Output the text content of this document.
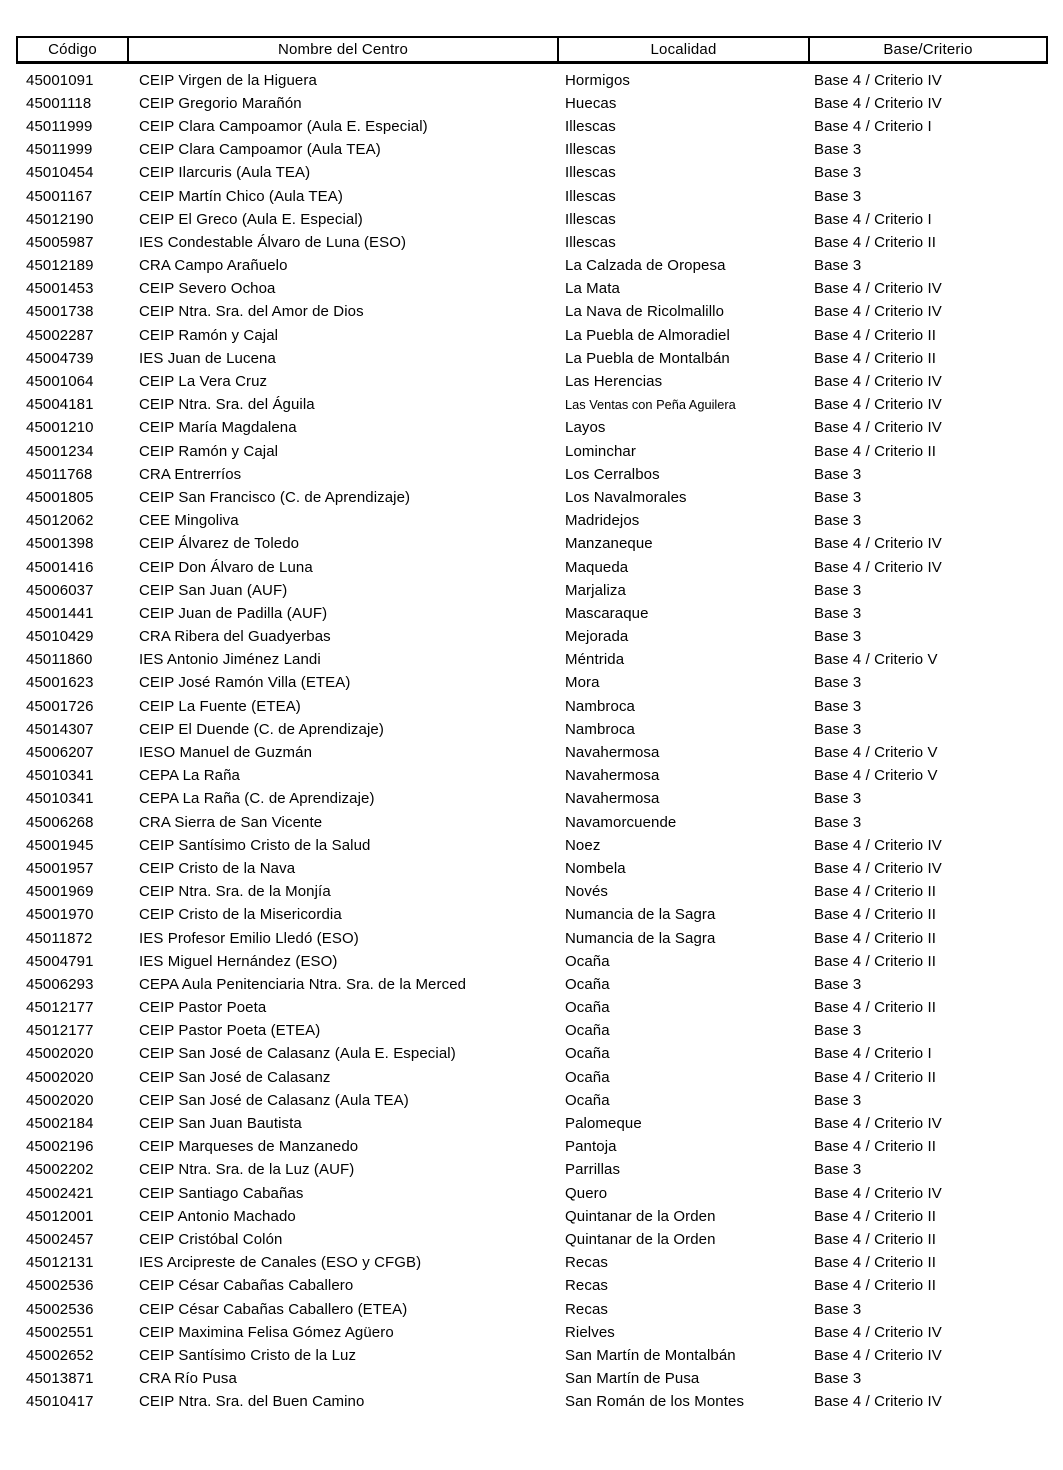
Código	Nombre del Centro	Localidad	Base/Criterio
45001091	CEIP Virgen de la Higuera	Hormigos	Base 4 / Criterio IV
45001118	CEIP Gregorio Marañón	Huecas	Base 4 / Criterio IV
45011999	CEIP Clara Campoamor (Aula E. Especial)	Illescas	Base 4 / Criterio I
45011999	CEIP Clara Campoamor (Aula TEA)	Illescas	Base 3
45010454	CEIP Ilarcuris (Aula TEA)	Illescas	Base 3
45001167	CEIP Martín Chico (Aula TEA)	Illescas	Base 3
45012190	CEIP El Greco (Aula E. Especial)	Illescas	Base 4 / Criterio I
45005987	IES Condestable Álvaro de Luna (ESO)	Illescas	Base 4 / Criterio II
45012189	CRA Campo Arañuelo	La Calzada de Oropesa	Base 3
45001453	CEIP Severo Ochoa	La Mata	Base 4 / Criterio IV
45001738	CEIP Ntra. Sra. del Amor de Dios	La Nava de Ricolmalillo	Base 4 / Criterio IV
45002287	CEIP Ramón y Cajal	La Puebla de Almoradiel	Base 4 / Criterio II
45004739	IES Juan de Lucena	La Puebla de Montalbán	Base 4 / Criterio II
45001064	CEIP La Vera Cruz	Las Herencias	Base 4 / Criterio IV
45004181	CEIP Ntra. Sra. del Águila	Las Ventas con Peña Aguilera	Base 4 / Criterio IV
45001210	CEIP María Magdalena	Layos	Base 4 / Criterio IV
45001234	CEIP Ramón y Cajal	Lominchar	Base 4 / Criterio II
45011768	CRA Entrerríos	Los Cerralbos	Base 3
45001805	CEIP San Francisco (C. de Aprendizaje)	Los Navalmorales	Base 3
45012062	CEE Mingoliva	Madridejos	Base 3
45001398	CEIP Álvarez de Toledo	Manzaneque	Base 4 / Criterio IV
45001416	CEIP Don Álvaro de Luna	Maqueda	Base 4 / Criterio IV
45006037	CEIP San Juan (AUF)	Marjaliza	Base 3
45001441	CEIP Juan de Padilla (AUF)	Mascaraque	Base 3
45010429	CRA Ribera del Guadyerbas	Mejorada	Base 3
45011860	IES Antonio Jiménez Landi	Méntrida	Base 4 / Criterio V
45001623	CEIP José Ramón Villa (ETEA)	Mora	Base 3
45001726	CEIP La Fuente (ETEA)	Nambroca	Base 3
45014307	CEIP El Duende (C. de Aprendizaje)	Nambroca	Base 3
45006207	IESO Manuel de Guzmán	Navahermosa	Base 4 / Criterio V
45010341	CEPA La Raña	Navahermosa	Base 4 / Criterio V
45010341	CEPA La Raña (C. de Aprendizaje)	Navahermosa	Base 3
45006268	CRA Sierra de San Vicente	Navamorcuende	Base 3
45001945	CEIP Santísimo Cristo de la Salud	Noez	Base 4 / Criterio IV
45001957	CEIP Cristo de la Nava	Nombela	Base 4 / Criterio IV
45001969	CEIP Ntra. Sra. de la Monjía	Novés	Base 4 / Criterio II
45001970	CEIP Cristo de la Misericordia	Numancia de la Sagra	Base 4 / Criterio II
45011872	IES Profesor Emilio Lledó (ESO)	Numancia de la Sagra	Base 4 / Criterio II
45004791	IES Miguel Hernández (ESO)	Ocaña	Base 4 / Criterio II
45006293	CEPA Aula Penitenciaria Ntra. Sra. de la Merced	Ocaña	Base 3
45012177	CEIP Pastor Poeta	Ocaña	Base 4 / Criterio II
45012177	CEIP Pastor Poeta (ETEA)	Ocaña	Base 3
45002020	CEIP San José de Calasanz (Aula E. Especial)	Ocaña	Base 4 / Criterio I
45002020	CEIP San José de Calasanz	Ocaña	Base 4 / Criterio II
45002020	CEIP San José de Calasanz (Aula TEA)	Ocaña	Base 3
45002184	CEIP San Juan Bautista	Palomeque	Base 4 / Criterio IV
45002196	CEIP Marqueses de Manzanedo	Pantoja	Base 4 / Criterio II
45002202	CEIP Ntra. Sra. de la Luz (AUF)	Parrillas	Base 3
45002421	CEIP Santiago Cabañas	Quero	Base 4 / Criterio IV
45012001	CEIP Antonio Machado	Quintanar de la Orden	Base 4 / Criterio II
45002457	CEIP Cristóbal Colón	Quintanar de la Orden	Base 4 / Criterio II
45012131	IES Arcipreste de Canales (ESO y CFGB)	Recas	Base 4 / Criterio II
45002536	CEIP César Cabañas Caballero	Recas	Base 4 / Criterio II
45002536	CEIP César Cabañas Caballero (ETEA)	Recas	Base 3
45002551	CEIP Maximina Felisa Gómez Agüero	Rielves	Base 4 / Criterio IV
45002652	CEIP Santísimo Cristo de la Luz	San Martín de Montalbán	Base 4 / Criterio IV
45013871	CRA Río Pusa	San Martín de Pusa	Base 3
45010417	CEIP Ntra. Sra. del Buen Camino	San Román de los Montes	Base 4 / Criterio IV
